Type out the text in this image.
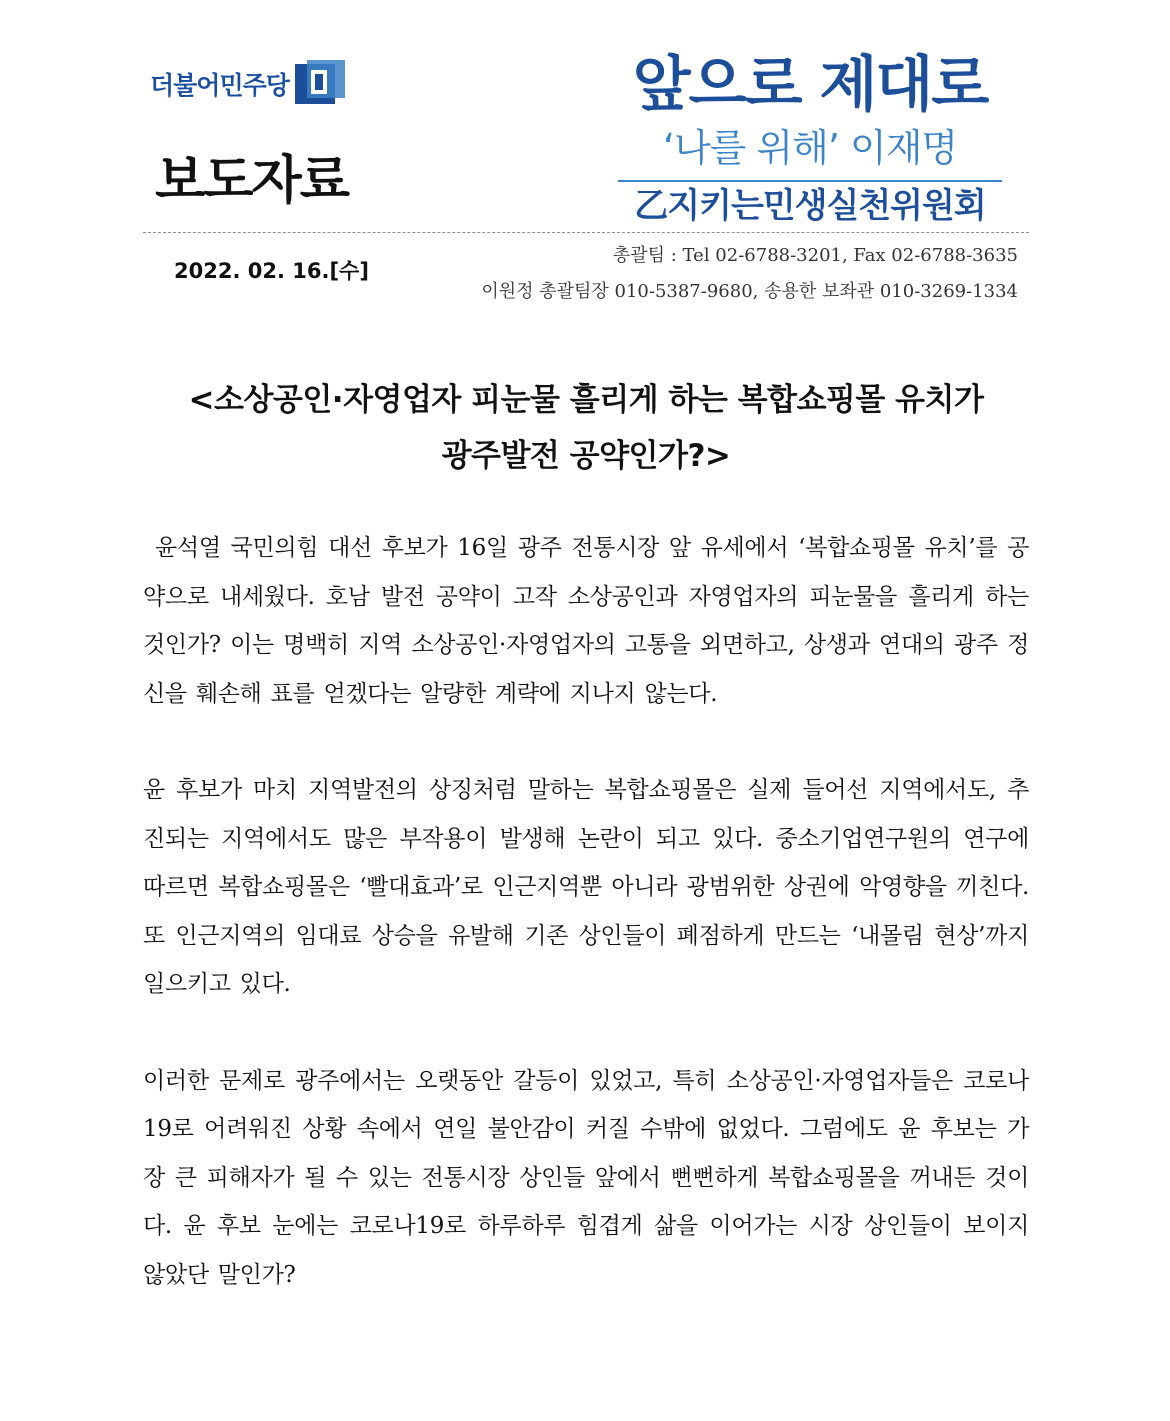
더불어민주당
보도자료
앞으로 제대로
‘나를 위해’ 이재명
乙지키는민생실천위원회
2022. 02. 16.[수]
총괄팀 : Tel 02-6788-3201, Fax 02-6788-3635
이원정 총괄팀장 010-5387-9680, 송용한 보좌관 010-3269-1334
<소상공인·자영업자 피눈물 흘리게 하는 복합쇼핑몰 유치가
광주발전 공약인가?>

윤석열 국민의힘 대선 후보가 16일 광주 전통시장 앞 유세에서 ‘복합쇼핑몰 유치’를 공약으로 내세웠다. 호남 발전 공약이 고작 소상공인과 자영업자의 피눈물을 흘리게 하는 것인가? 이는 명백히 지역 소상공인·자영업자의 고통을 외면하고, 상생과 연대의 광주 정신을 훼손해 표를 얻겠다는 알량한 계략에 지나지 않는다.

윤 후보가 마치 지역발전의 상징처럼 말하는 복합쇼핑몰은 실제 들어선 지역에서도, 추진되는 지역에서도 많은 부작용이 발생해 논란이 되고 있다. 중소기업연구원의 연구에 따르면 복합쇼핑몰은 ‘빨대효과’로 인근지역뿐 아니라 광범위한 상권에 악영향을 끼친다. 또 인근지역의 임대료 상승을 유발해 기존 상인들이 폐점하게 만드는 ‘내몰림 현상’까지 일으키고 있다.

이러한 문제로 광주에서는 오랫동안 갈등이 있었고, 특히 소상공인·자영업자들은 코로나19로 어려워진 상황 속에서 연일 불안감이 커질 수밖에 없었다. 그럼에도 윤 후보는 가장 큰 피해자가 될 수 있는 전통시장 상인들 앞에서 뻔뻔하게 복합쇼핑몰을 꺼내든 것이다. 윤 후보 눈에는 코로나19로 하루하루 힘겹게 삶을 이어가는 시장 상인들이 보이지 않았단 말인가?
